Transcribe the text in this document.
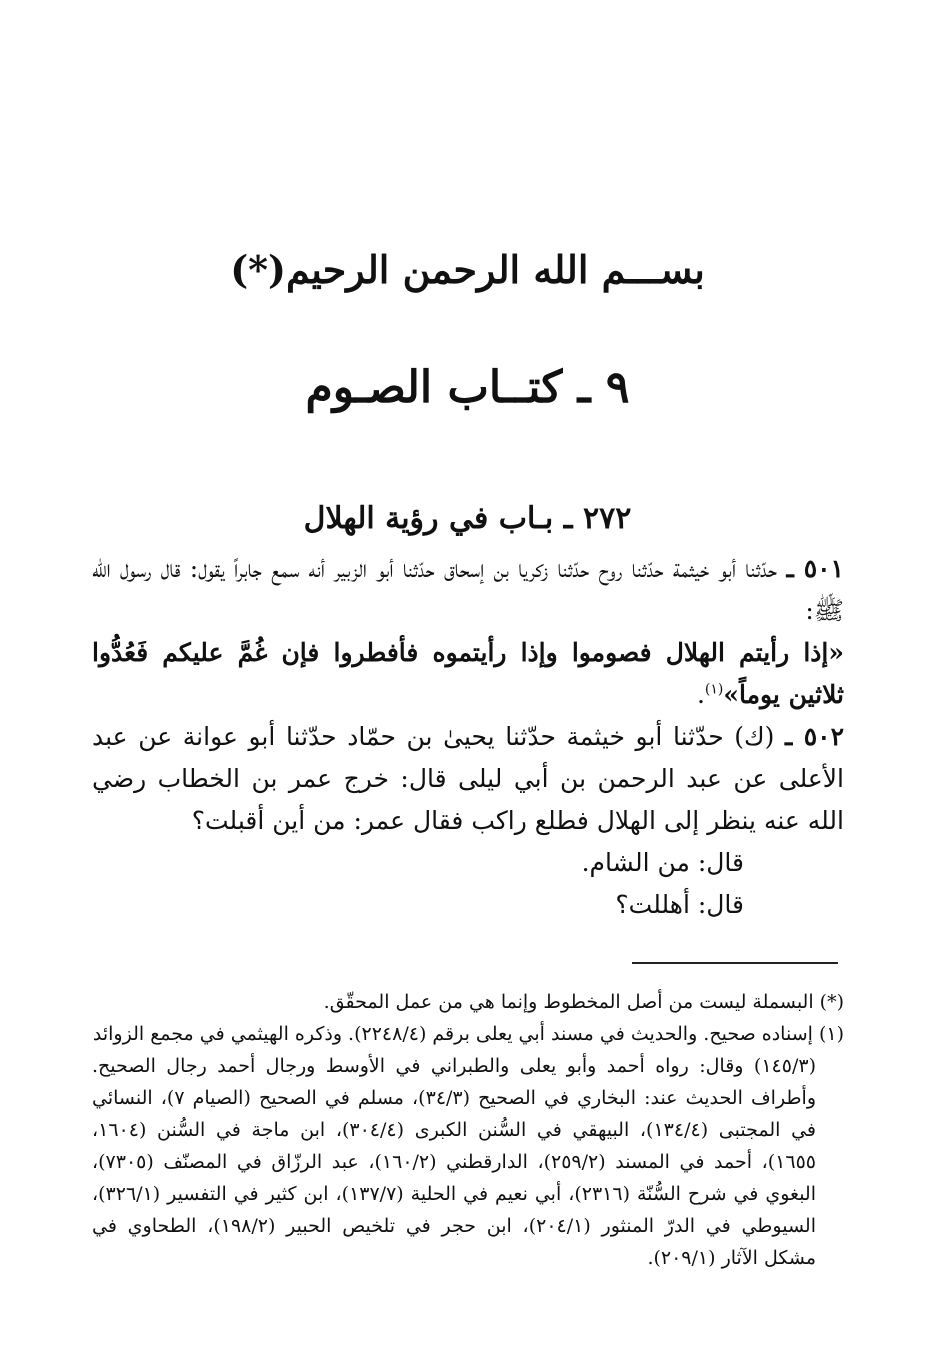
بســـم الله الرحمن الرحيم(*)
٩ ـ كتــاب الصـوم
٢٧٢ ـ بـاب في رؤية الهلال

٥٠١ ـ حدّثنا أبو خيثمة حدّثنا روح حدّثنا زكريا بن إسحاق حدّثنا أبو الزبير أنه سمع جابراً يقول: قال رسول الله ﷺ:

«إذا رأيتم الهلال فصوموا وإذا رأيتموه فأفطروا فإن غُمَّ عليكم فَعُدُّوا ثلاثين يوماً»$^{(١)}$.

٥٠٢ ـ (ك) حدّثنا أبو خيثمة حدّثنا يحيىٰ بن حمّاد حدّثنا أبو عوانة عن عبد الأعلى عن عبد الرحمن بن أبي ليلى قال: خرج عمر بن الخطاب رضي الله عنه ينظر إلى الهلال فطلع راكب فقال عمر: من أين أقبلت؟

قال: من الشام.

قال: أهللت؟

(*) البسملة ليست من أصل المخطوط وإنما هي من عمل المحقّق.

(١) إسناده صحيح. والحديث في مسند أبي يعلى برقم (٢٢٤٨/٤). وذكره الهيثمي في مجمع الزوائد

(١٤٥/٣) وقال: رواه أحمد وأبو يعلى والطبراني في الأوسط ورجال أحمد رجال الصحيح. وأطراف الحديث عند: البخاري في الصحيح (٣٤/٣)، مسلم في الصحيح (الصيام ٧)، النسائي في المجتبى (١٣٤/٤)، البيهقي في السُّنن الكبرى (٣٠٤/٤)، ابن ماجة في السُّنن (١٦٠٤، ١٦٥٥)، أحمد في المسند (٢٥٩/٢)، الدارقطني (١٦٠/٢)، عبد الرزّاق في المصنّف (٧٣٠٥)، البغوي في شرح السُّنّة (٢٣١٦)، أبي نعيم في الحلية (١٣٧/٧)، ابن كثير في التفسير (٣٢٦/١)، السيوطي في الدرّ المنثور (٢٠٤/١)، ابن حجر في تلخيص الحبير (١٩٨/٢)، الطحاوي في مشكل الآثار (٢٠٩/١).
